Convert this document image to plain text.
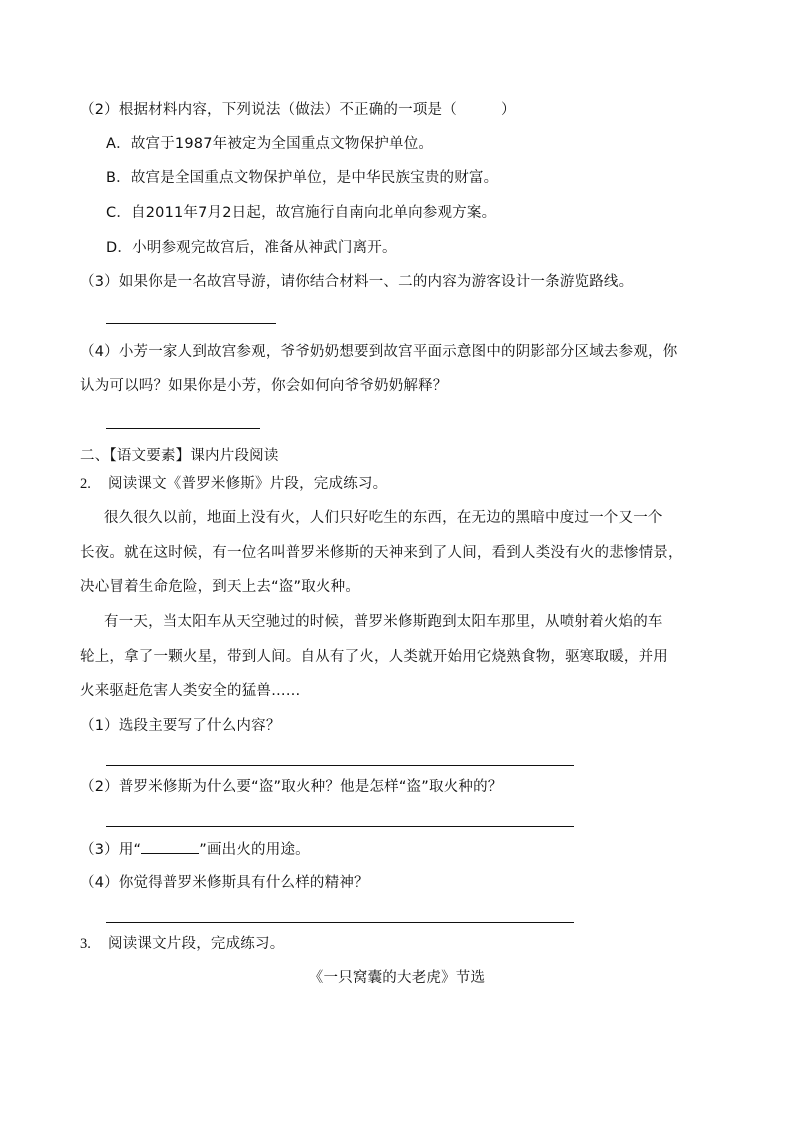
（2）根据材料内容，下列说法（做法）不正确的一项是（　　　）
A．故宫于1987年被定为全国重点文物保护单位。
B．故宫是全国重点文物保护单位，是中华民族宝贵的财富。
C．自2011年7月2日起，故宫施行自南向北单向参观方案。
D．小明参观完故宫后，准备从神武门离开。
（3）如果你是一名故宫导游，请你结合材料一、二的内容为游客设计一条游览路线。
（4）小芳一家人到故宫参观，爷爷奶奶想要到故宫平面示意图中的阴影部分区域去参观，你
认为可以吗？如果你是小芳，你会如何向爷爷奶奶解释？
二、【语文要素】课内片段阅读
2. 阅读课文《普罗米修斯》片段，完成练习。
很久很久以前，地面上没有火，人们只好吃生的东西，在无边的黑暗中度过一个又一个
长夜。就在这时候，有一位名叫普罗米修斯的天神来到了人间，看到人类没有火的悲惨情景，
决心冒着生命危险，到天上去“盗”取火种。
有一天，当太阳车从天空驰过的时候，普罗米修斯跑到太阳车那里，从喷射着火焰的车
轮上，拿了一颗火星，带到人间。自从有了火，人类就开始用它烧熟食物，驱寒取暖，并用
火来驱赶危害人类安全的猛兽……
（1）选段主要写了什么内容？
（2）普罗米修斯为什么要“盗”取火种？他是怎样“盗”取火种的？
（3）用“	”画出火的用途。
（4）你觉得普罗米修斯具有什么样的精神？
3. 阅读课文片段，完成练习。
《一只窝囊的大老虎》节选
